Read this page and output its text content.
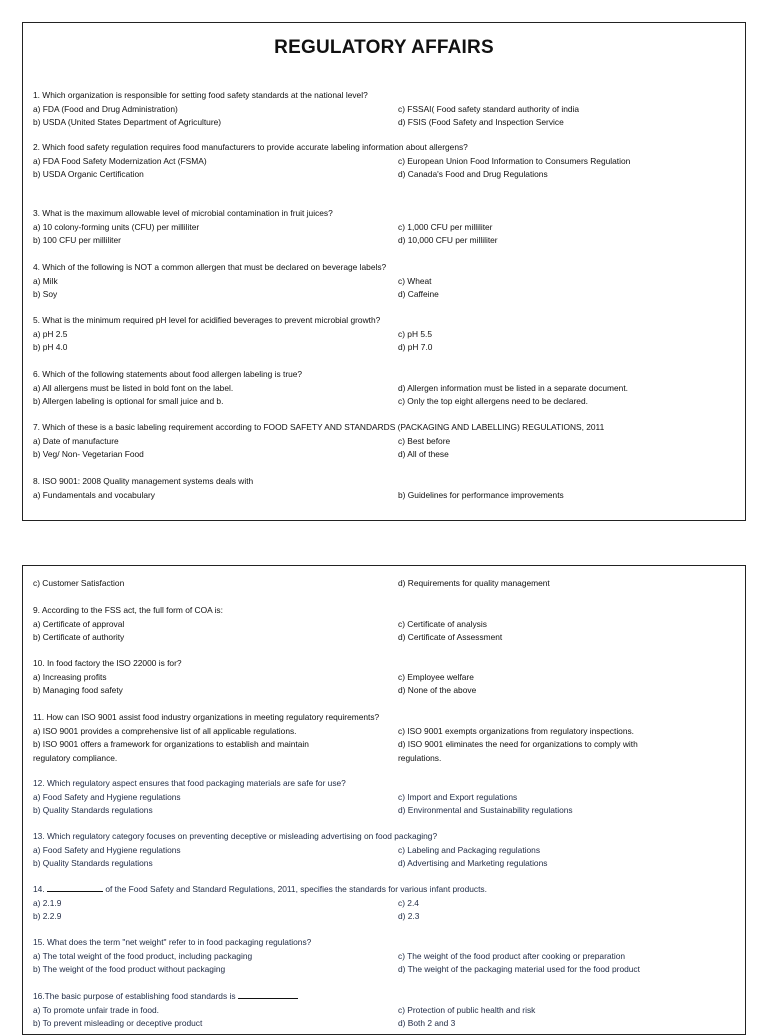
REGULATORY AFFAIRS
1. Which organization is responsible for setting food safety standards at the national level?
a) FDA (Food and Drug Administration)	c) FSSAI( Food safety standard authority of india
b) USDA (United States Department of Agriculture)	d) FSIS (Food Safety and Inspection Service
2. Which food safety regulation requires food manufacturers to provide accurate labeling information about allergens?
a) FDA Food Safety Modernization Act (FSMA)	c) European Union Food Information to Consumers Regulation
b) USDA Organic Certification	d) Canada's Food and Drug Regulations
3. What is the maximum allowable level of microbial contamination in fruit juices?
a) 10 colony-forming units (CFU) per milliliter	c) 1,000 CFU per milliliter
b) 100 CFU per milliliter	d) 10,000 CFU per milliliter
4. Which of the following is NOT a common allergen that must be declared on beverage labels?
a) Milk	c) Wheat
b) Soy	d) Caffeine
5. What is the minimum required pH level for acidified beverages to prevent microbial growth?
a) pH 2.5	c) pH 5.5
b) pH 4.0	d) pH 7.0
6. Which of the following statements about food allergen labeling is true?
a) All allergens must be listed in bold font on the label.	d) Allergen information must be listed in a separate document.
b) Allergen labeling is optional for small juice and b.	c) Only the top eight allergens need to be declared.
7. Which of these is a basic labeling requirement according to FOOD SAFETY AND STANDARDS (PACKAGING AND LABELLING) REGULATIONS, 2011
a) Date of manufacture	c) Best before
b) Veg/ Non- Vegetarian Food	d) All of these
8. ISO 9001: 2008 Quality management systems deals with
a) Fundamentals and vocabulary	b) Guidelines for performance improvements
c) Customer Satisfaction	d) Requirements for quality management
9. According to the FSS act, the full form of COA is:
a) Certificate of approval	c) Certificate of analysis
b) Certificate of authority	d) Certificate of Assessment
10. In food factory the ISO 22000 is for?
a) Increasing profits	c) Employee welfare
b) Managing food safety	d) None of the above
11. How can ISO 9001 assist food industry organizations in meeting regulatory requirements?
a) ISO 9001 provides a comprehensive list of all applicable regulations.	c) ISO 9001 exempts organizations from regulatory inspections.
b) ISO 9001 offers a framework for organizations to establish and maintain	d) ISO 9001 eliminates the need for organizations to comply with
regulatory compliance.	regulations.
12. Which regulatory aspect ensures that food packaging materials are safe for use?
a) Food Safety and Hygiene regulations	c) Import and Export regulations
b) Quality Standards regulations	d) Environmental and Sustainability regulations
13. Which regulatory category focuses on preventing deceptive or misleading advertising on food packaging?
a) Food Safety and Hygiene regulations	c) Labeling and Packaging regulations
b) Quality Standards regulations	d) Advertising and Marketing regulations
14.	of the Food Safety and Standard Regulations, 2011, specifies the standards for various infant products.
a) 2.1.9	c) 2.4
b) 2.2.9	d) 2.3
15. What does the term "net weight" refer to in food packaging regulations?
a) The total weight of the food product, including packaging	c) The weight of the food product after cooking or preparation
b) The weight of the food product without packaging	d) The weight of the packaging material used for the food product
16.The basic purpose of establishing food standards is
a) To promote unfair trade in food.	c) Protection of public health and risk
b) To prevent misleading or deceptive product	d) Both 2 and 3
